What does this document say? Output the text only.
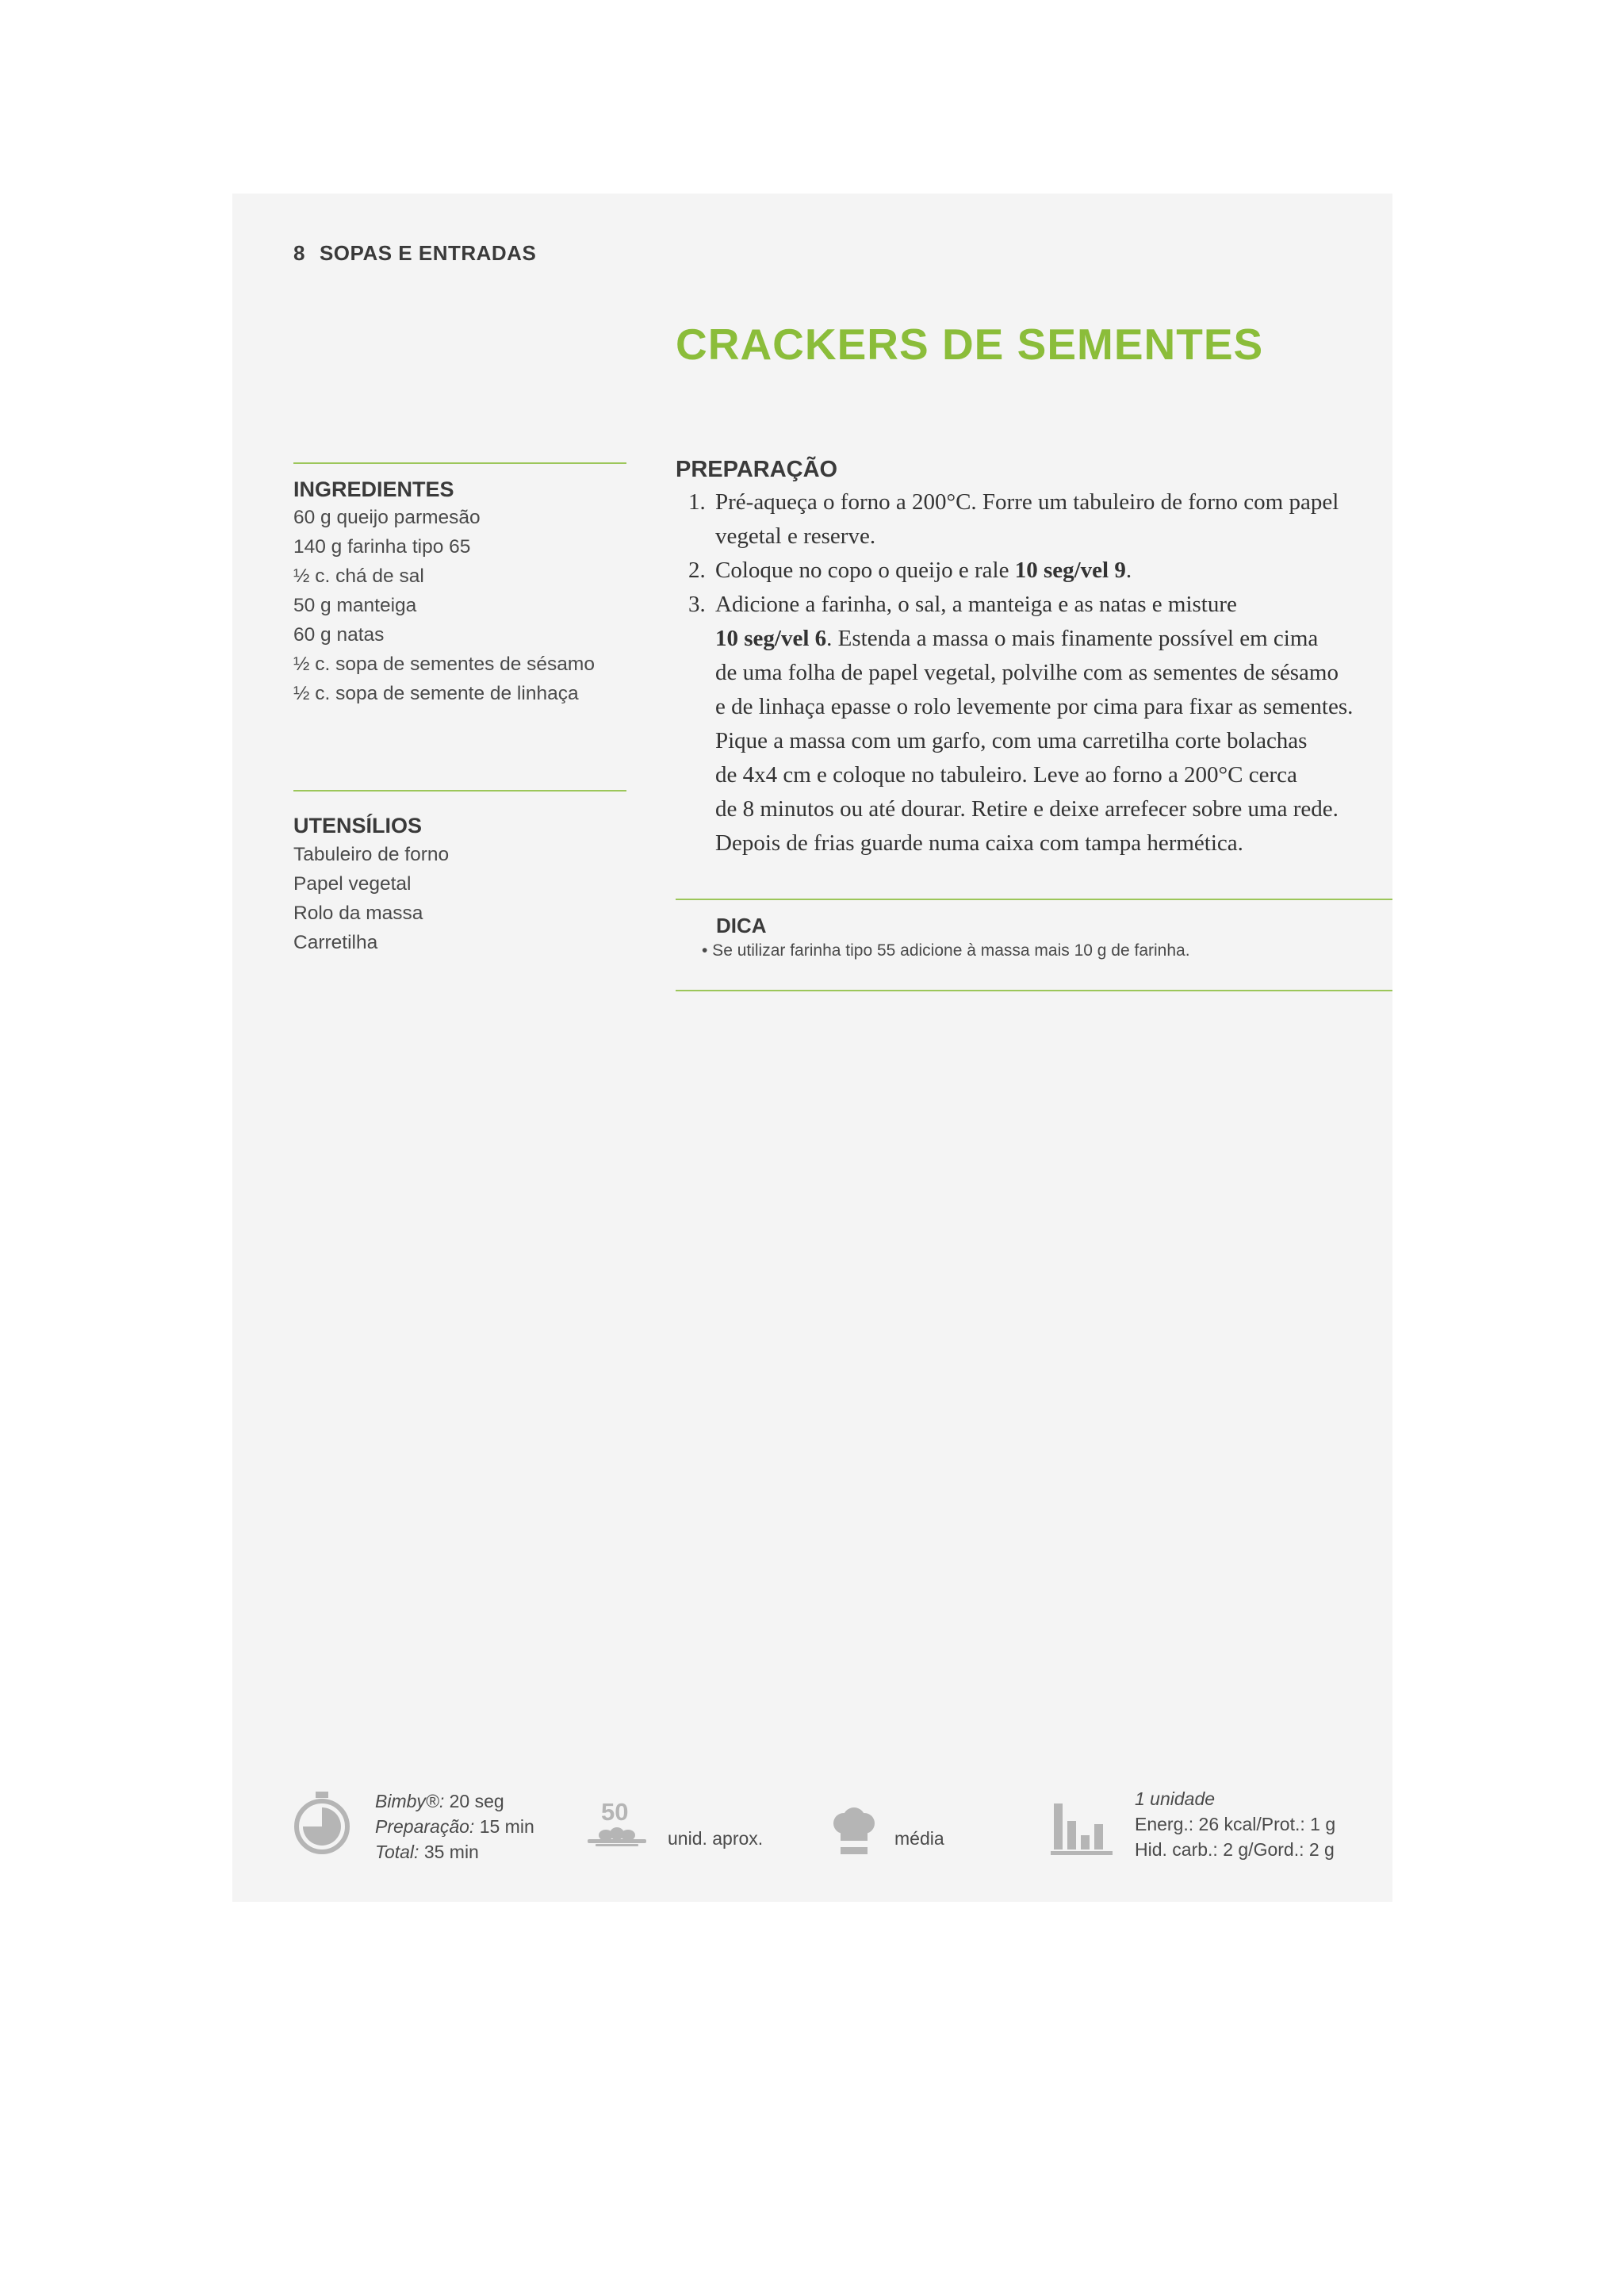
8 SOPAS E ENTRADAS
CRACKERS DE SEMENTES
INGREDIENTES
60 g queijo parmesão
140 g farinha tipo 65
½ c. chá de sal
50 g manteiga
60 g natas
½ c. sopa de sementes de sésamo
½ c. sopa de semente de linhaça
UTENSÍLIOS
Tabuleiro de forno
Papel vegetal
Rolo da massa
Carretilha
PREPARAÇÃO
1. Pré-aqueça o forno a 200°C. Forre um tabuleiro de forno com papel
vegetal e reserve.
2. Coloque no copo o queijo e rale 10 seg/vel 9.
3. Adicione a farinha, o sal, a manteiga e as natas e misture
10 seg/vel 6. Estenda a massa o mais finamente possível em cima
de uma folha de papel vegetal, polvilhe com as sementes de sésamo
e de linhaça epasse o rolo levemente por cima para fixar as sementes.
Pique a massa com um garfo, com uma carretilha corte bolachas
de 4x4 cm e coloque no tabuleiro. Leve ao forno a 200°C cerca
de 8 minutos ou até dourar. Retire e deixe arrefecer sobre uma rede.
Depois de frias guarde numa caixa com tampa hermética.
DICA
• Se utilizar farinha tipo 55 adicione à massa mais 10 g de farinha.
Bimby®: 20 seg
Preparação: 15 min
Total: 35 min
50
unid. aprox.	média
1 unidade
Energ.: 26 kcal/Prot.: 1 g
Hid. carb.: 2 g/Gord.: 2 g
